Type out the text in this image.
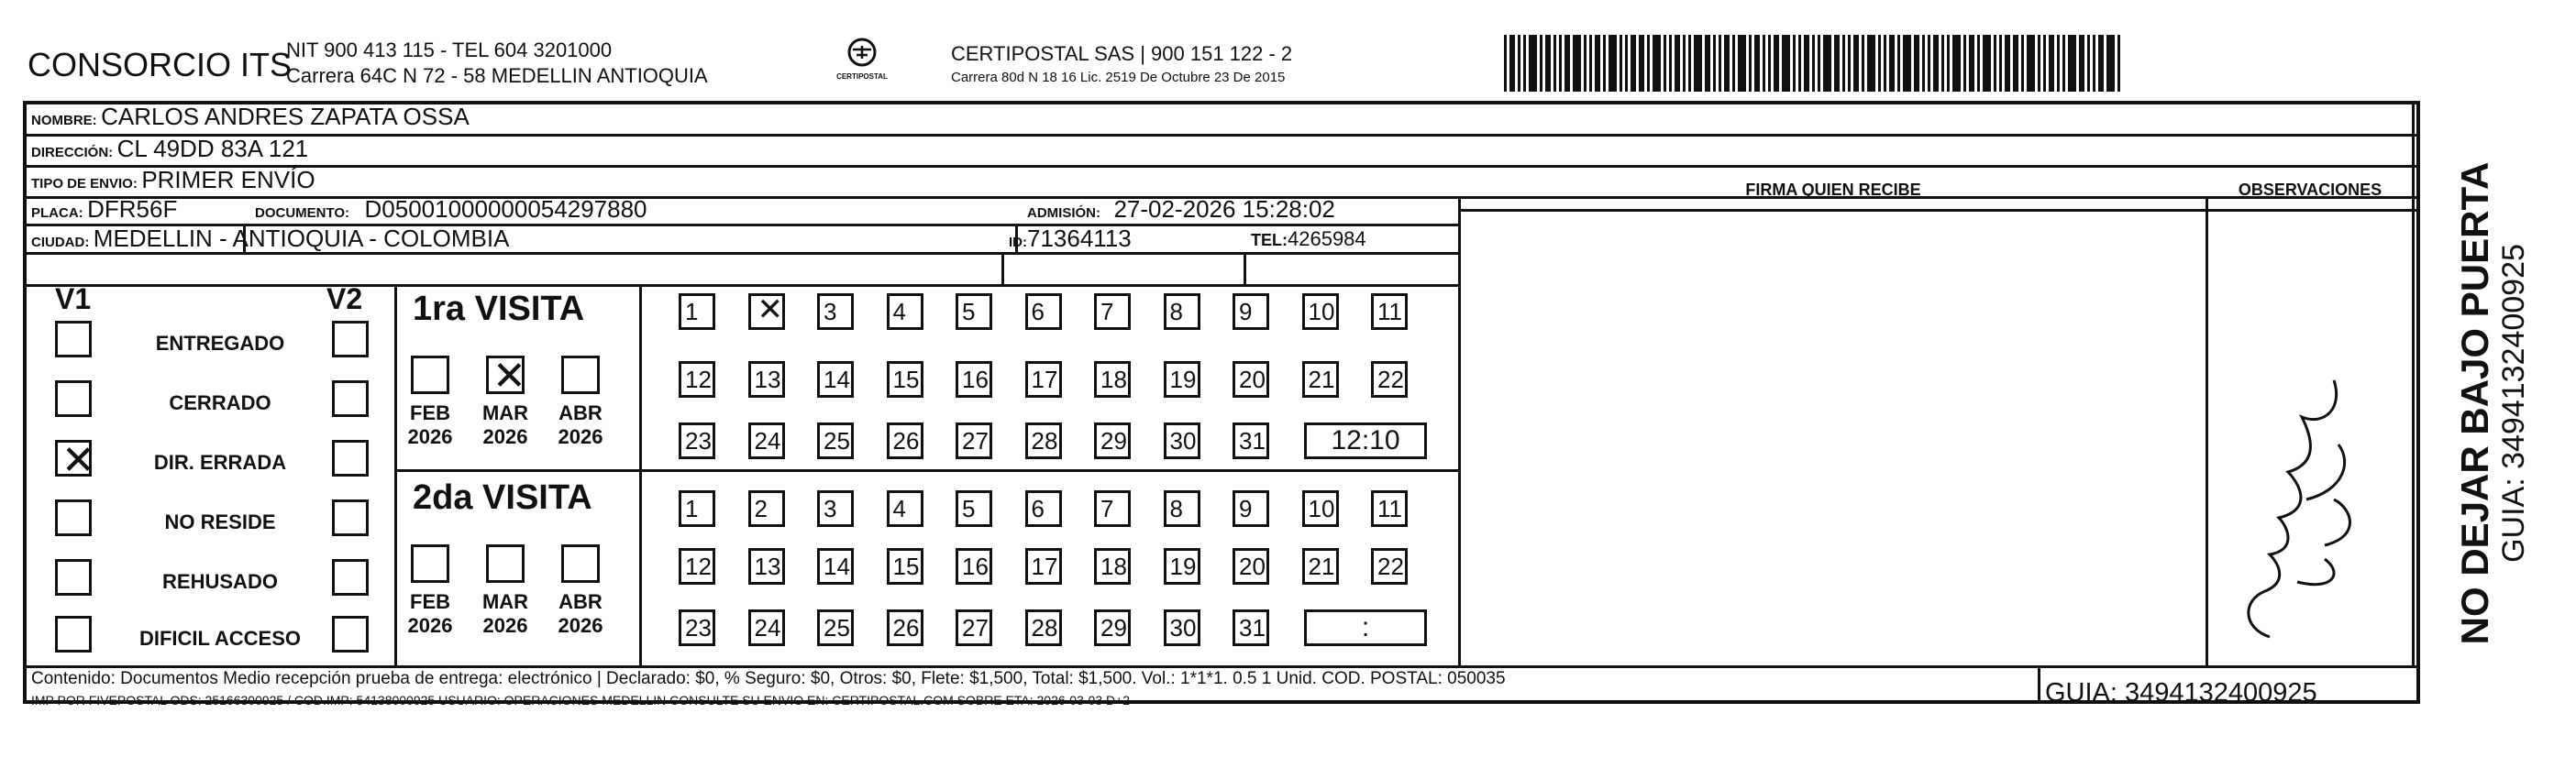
CONSORCIO ITS
NIT 900 413 115 - TEL 604 3201000
Carrera 64C N 72 - 58 MEDELLIN ANTIOQUIA	CERTIPOSTAL
CERTIPOSTAL SAS | 900 151 122 - 2
Carrera 80d N 18 16 Lic. 2519 De Octubre 23 De 2015
NOMBRE: CARLOS ANDRES ZAPATA OSSA
DIRECCIÓN: CL 49DD 83A 121
TIPO DE ENVIO: PRIMER ENVÍO	FIRMA QUIEN RECIBE	OBSERVACIONES
PLACA: DFR56F	DOCUMENTO: D05001000000054297880	ADMISIÓN: 27-02-2026 15:28:02
CIUDAD: MEDELLIN - ANTIOQUIA - COLOMBIA	ID:71364113	TEL:4265984
V1	V2
ENTREGADO
CERRADO
✕
DIR. ERRADA
NO RESIDE
REHUSADO
DIFICIL ACCESO
1ra VISITA
2da VISITA
FEB
2026
✕
MAR
2026
ABR
2026
FEB
2026
MAR
2026
ABR
2026
1
✕	3	4	5	6	7	8	9	10 11
12 13 14 15 16 17 18 19 20 21 22
23 24 25 26 27 28 29 30 31	12:10
1	2	3	4	5	6	7	8	9	10 11
12 13 14 15 16 17 18 19 20 21 22
23 24 25 26 27 28 29 30 31	:	NO DEJAR BAJO PUERTA GUIA: 3494132400925
Contenido: Documentos Medio recepción prueba de entrega: electrónico | Declarado: $0, % Seguro: $0, Otros: $0, Flete: $1,500, Total: $1,500. Vol.: 1*1*1. 0.5 1 Unid. COD. POSTAL: 050035
IMP POR FIVEPOSTAL ODS: 25166300925 / COD.IMP: 54138000925 USUARIO: OPERACIONES MEDELLIN CONSULTE SU ENVIO EN: CERTIPOSTAL.COM SOBRE ETA: 2026-03-03 D+2	GUIA: 3494132400925
